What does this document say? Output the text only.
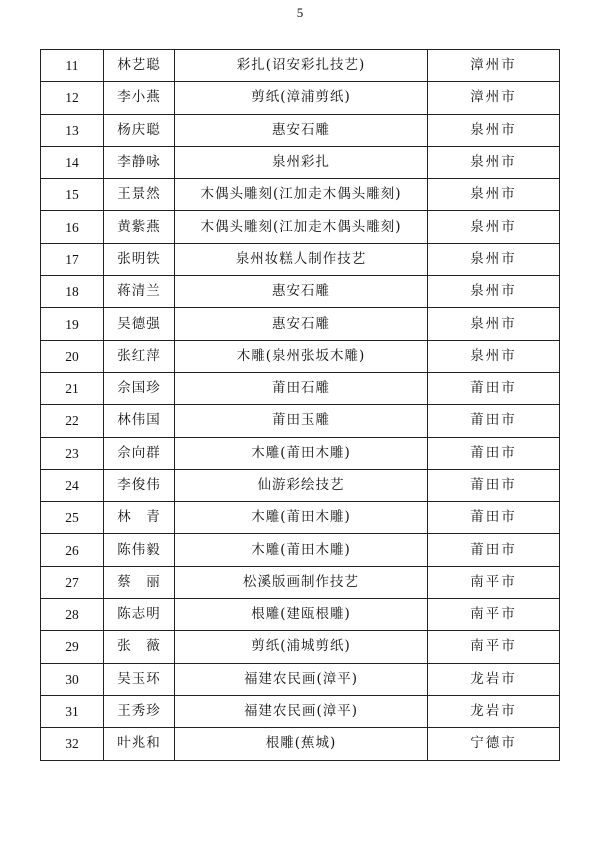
5
11	林艺聪	彩扎(诏安彩扎技艺)	漳州市
12	李小燕	剪纸(漳浦剪纸)	漳州市
13	杨庆聪	惠安石雕	泉州市
14	李静咏	泉州彩扎	泉州市
15	王景然	木偶头雕刻(江加走木偶头雕刻)	泉州市
16	黄紫燕	木偶头雕刻(江加走木偶头雕刻)	泉州市
17	张明铁	泉州妆糕人制作技艺	泉州市
18	蒋清兰	惠安石雕	泉州市
19	吴德强	惠安石雕	泉州市
20	张红萍	木雕(泉州张坂木雕)	泉州市
21	佘国珍	莆田石雕	莆田市
22	林伟国	莆田玉雕	莆田市
23	佘向群	木雕(莆田木雕)	莆田市
24	李俊伟	仙游彩绘技艺	莆田市
25	林　青	木雕(莆田木雕)	莆田市
26	陈伟毅	木雕(莆田木雕)	莆田市
27	蔡　丽	松溪版画制作技艺	南平市
28	陈志明	根雕(建瓯根雕)	南平市
29	张　薇	剪纸(浦城剪纸)	南平市
30	吴玉环	福建农民画(漳平)	龙岩市
31	王秀珍	福建农民画(漳平)	龙岩市
32	叶兆和	根雕(蕉城)	宁德市
